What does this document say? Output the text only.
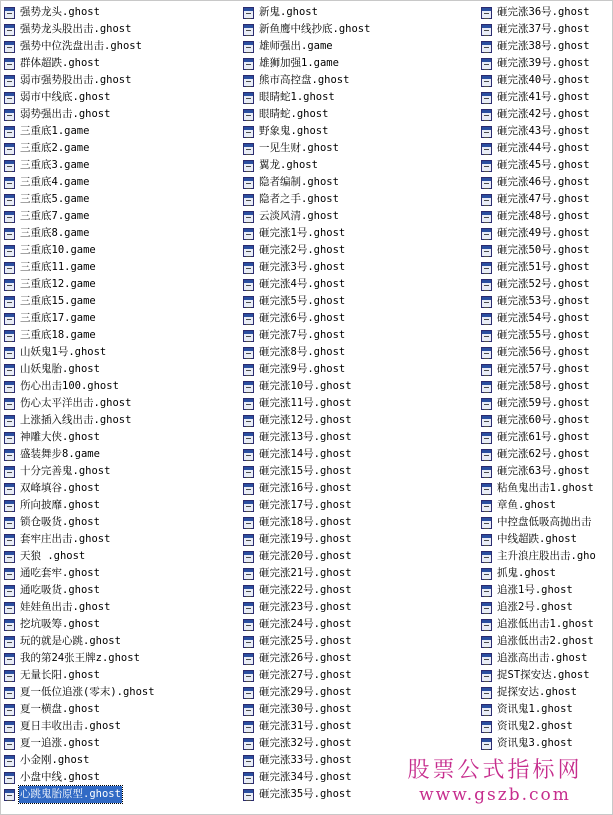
强势龙头.ghost
强势龙头股出击.ghost
强势中位洗盘出击.ghost
群体超跌.ghost
弱市强势股出击.ghost
弱市中线底.ghost
弱势强出击.ghost
三重底1.game
三重底2.game
三重底3.game
三重底4.game
三重底5.game
三重底7.game
三重底8.game
三重底10.game
三重底11.game
三重底12.game
三重底15.game
三重底17.game
三重底18.game
山妖鬼1号.ghost
山妖鬼胎.ghost
伤心出击100.ghost
伤心太平洋出击.ghost
上涨插入线出击.ghost
神雕大侠.ghost
盛装舞步8.game
十分完善鬼.ghost
双峰填谷.ghost
所向披靡.ghost
锁仓吸货.ghost
套牢庄出击.ghost
天狼 .ghost
通吃套牢.ghost
通吃吸货.ghost
娃娃鱼出击.ghost
挖坑吸筹.ghost
玩的就是心跳.ghost
我的第24张王牌z.ghost
无量长阳.ghost
夏一低位追涨(零末).ghost
夏一横盘.ghost
夏日丰收出击.ghost
夏一追涨.ghost
小金刚.ghost
小盘中线.ghost
心跳鬼胎原型.ghost
新鬼.ghost
新鱼鹰中线抄底.ghost
雄师强出.game
雄狮加强1.game
熊市高控盘.ghost
眼睛蛇1.ghost
眼睛蛇.ghost
野象鬼.ghost
一见生财.ghost
翼龙.ghost
隐者编制.ghost
隐者之手.ghost
云淡风清.ghost
砸完涨1号.ghost
砸完涨2号.ghost
砸完涨3号.ghost
砸完涨4号.ghost
砸完涨5号.ghost
砸完涨6号.ghost
砸完涨7号.ghost
砸完涨8号.ghost
砸完涨9号.ghost
砸完涨10号.ghost
砸完涨11号.ghost
砸完涨12号.ghost
砸完涨13号.ghost
砸完涨14号.ghost
砸完涨15号.ghost
砸完涨16号.ghost
砸完涨17号.ghost
砸完涨18号.ghost
砸完涨19号.ghost
砸完涨20号.ghost
砸完涨21号.ghost
砸完涨22号.ghost
砸完涨23号.ghost
砸完涨24号.ghost
砸完涨25号.ghost
砸完涨26号.ghost
砸完涨27号.ghost
砸完涨29号.ghost
砸完涨30号.ghost
砸完涨31号.ghost
砸完涨32号.ghost
砸完涨33号.ghost
砸完涨34号.ghost
砸完涨35号.ghost
砸完涨36号.ghost
砸完涨37号.ghost
砸完涨38号.ghost
砸完涨39号.ghost
砸完涨40号.ghost
砸完涨41号.ghost
砸完涨42号.ghost
砸完涨43号.ghost
砸完涨44号.ghost
砸完涨45号.ghost
砸完涨46号.ghost
砸完涨47号.ghost
砸完涨48号.ghost
砸完涨49号.ghost
砸完涨50号.ghost
砸完涨51号.ghost
砸完涨52号.ghost
砸完涨53号.ghost
砸完涨54号.ghost
砸完涨55号.ghost
砸完涨56号.ghost
砸完涨57号.ghost
砸完涨58号.ghost
砸完涨59号.ghost
砸完涨60号.ghost
砸完涨61号.ghost
砸完涨62号.ghost
砸完涨63号.ghost
粘鱼鬼出击1.ghost
章鱼.ghost
中控盘低吸高抛出击
中线超跌.ghost
主升浪庄股出击.gho
抓鬼.ghost
追涨1号.ghost
追涨2号.ghost
追涨低出击1.ghost
追涨低出击2.ghost
追涨高出击.ghost
捉ST探安达.ghost
捉探安达.ghost
资讯鬼1.ghost
资讯鬼2.ghost
资讯鬼3.ghost
股票公式指标网
www.gszb.com
